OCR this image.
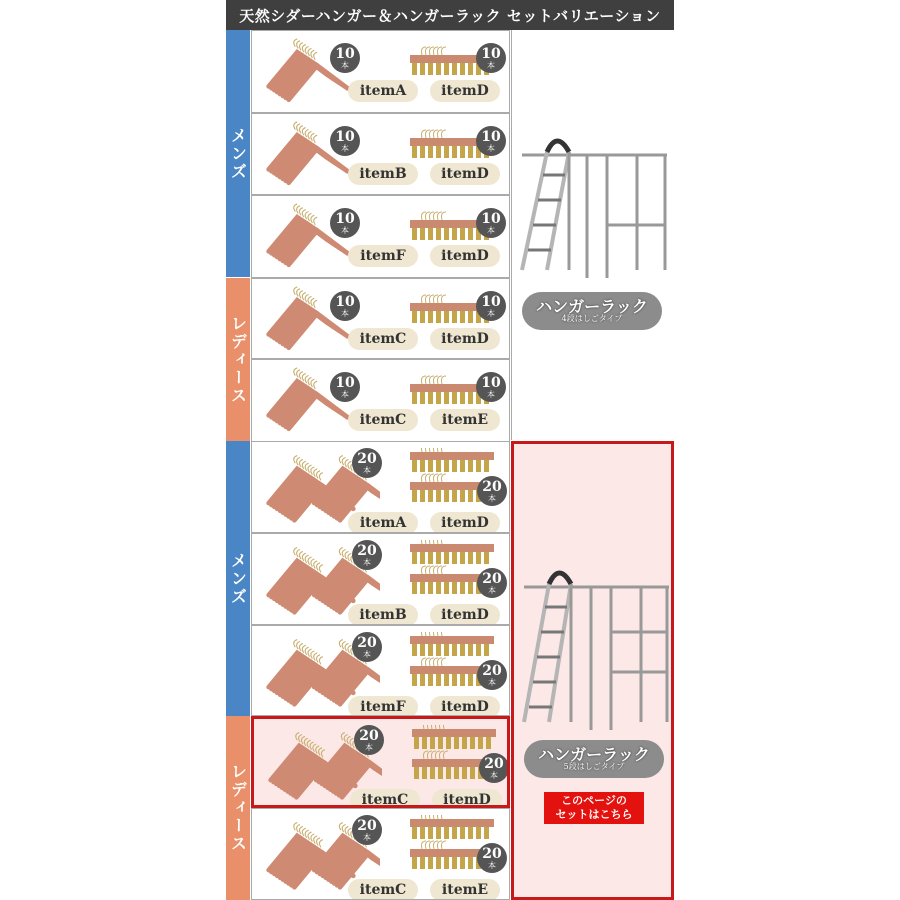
天然シダーハンガー＆ハンガーラック セットバリエーション
メンズ
レディース
メンズ
レディース
10
本
10
本
itemA	itemD
10
本
10
本
itemB	itemD
10
本
10
本
itemF	itemD
10
本
10
本
itemC	itemD
10
本
10
本
itemC	itemE
20
本
20
本
itemA	itemD
20
本
20
本
itemB	itemD
20
本
20
本
itemF	itemD
20
本
20
本
itemC	itemD
20
本
20
本
itemC	itemE
ハンガーラック
4段はしごタイプ
ハンガーラック
5段はしごタイプ
このページの
セットはこちら
